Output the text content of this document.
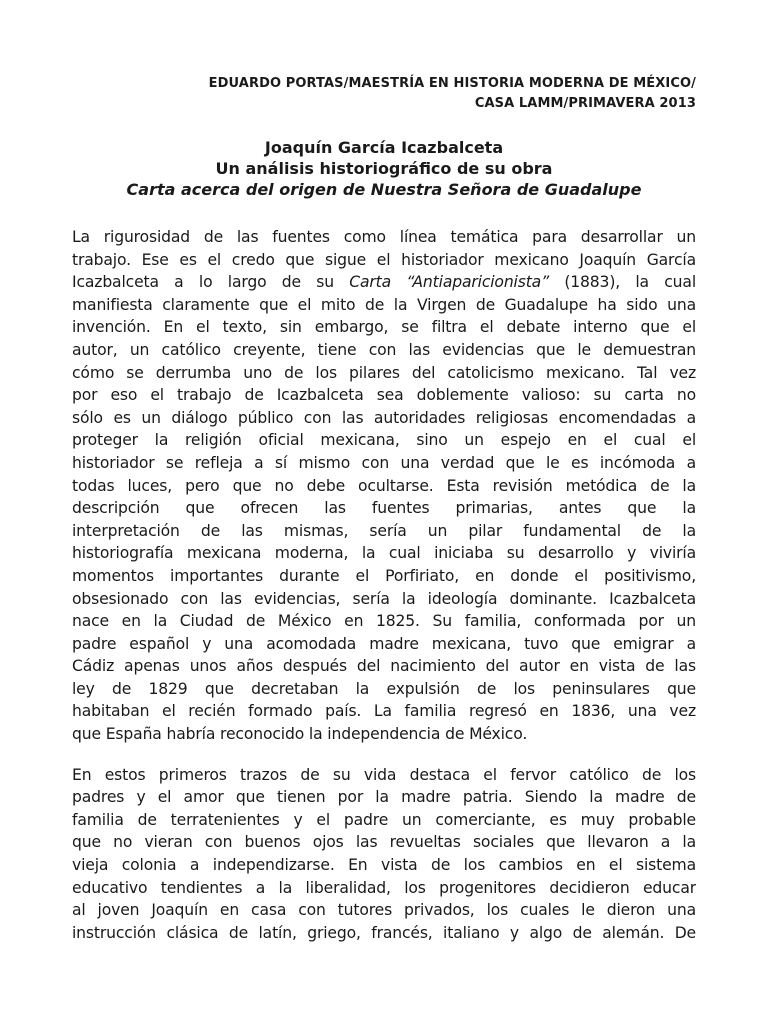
EDUARDO PORTAS/MAESTRÍA EN HISTORIA MODERNA DE MÉXICO/
CASA LAMM/PRIMAVERA 2013
Joaquín García Icazbalceta
Un análisis historiográfico de su obra
Carta acerca del origen de Nuestra Señora de Guadalupe
La rigurosidad de las fuentes como línea temática para desarrollar un
trabajo. Ese es el credo que sigue el historiador mexicano Joaquín García
Icazbalceta a lo largo de su Carta “Antiaparicionista” (1883), la cual
manifiesta claramente que el mito de la Virgen de Guadalupe ha sido una
invención. En el texto, sin embargo, se filtra el debate interno que el
autor, un católico creyente, tiene con las evidencias que le demuestran
cómo se derrumba uno de los pilares del catolicismo mexicano. Tal vez
por eso el trabajo de Icazbalceta sea doblemente valioso: su carta no
sólo es un diálogo público con las autoridades religiosas encomendadas a
proteger la religión oficial mexicana, sino un espejo en el cual el
historiador se refleja a sí mismo con una verdad que le es incómoda a
todas luces, pero que no debe ocultarse. Esta revisión metódica de la
descripción que ofrecen las fuentes primarias, antes que la
interpretación de las mismas, sería un pilar fundamental de la
historiografía mexicana moderna, la cual iniciaba su desarrollo y viviría
momentos importantes durante el Porfiriato, en donde el positivismo,
obsesionado con las evidencias, sería la ideología dominante. Icazbalceta
nace en la Ciudad de México en 1825. Su familia, conformada por un
padre español y una acomodada madre mexicana, tuvo que emigrar a
Cádiz apenas unos años después del nacimiento del autor en vista de las
ley de 1829 que decretaban la expulsión de los peninsulares que
habitaban el recién formado país. La familia regresó en 1836, una vez
que España habría reconocido la independencia de México.
En estos primeros trazos de su vida destaca el fervor católico de los
padres y el amor que tienen por la madre patria. Siendo la madre de
familia de terratenientes y el padre un comerciante, es muy probable
que no vieran con buenos ojos las revueltas sociales que llevaron a la
vieja colonia a independizarse. En vista de los cambios en el sistema
educativo tendientes a la liberalidad, los progenitores decidieron educar
al joven Joaquín en casa con tutores privados, los cuales le dieron una
instrucción clásica de latín, griego, francés, italiano y algo de alemán. De
